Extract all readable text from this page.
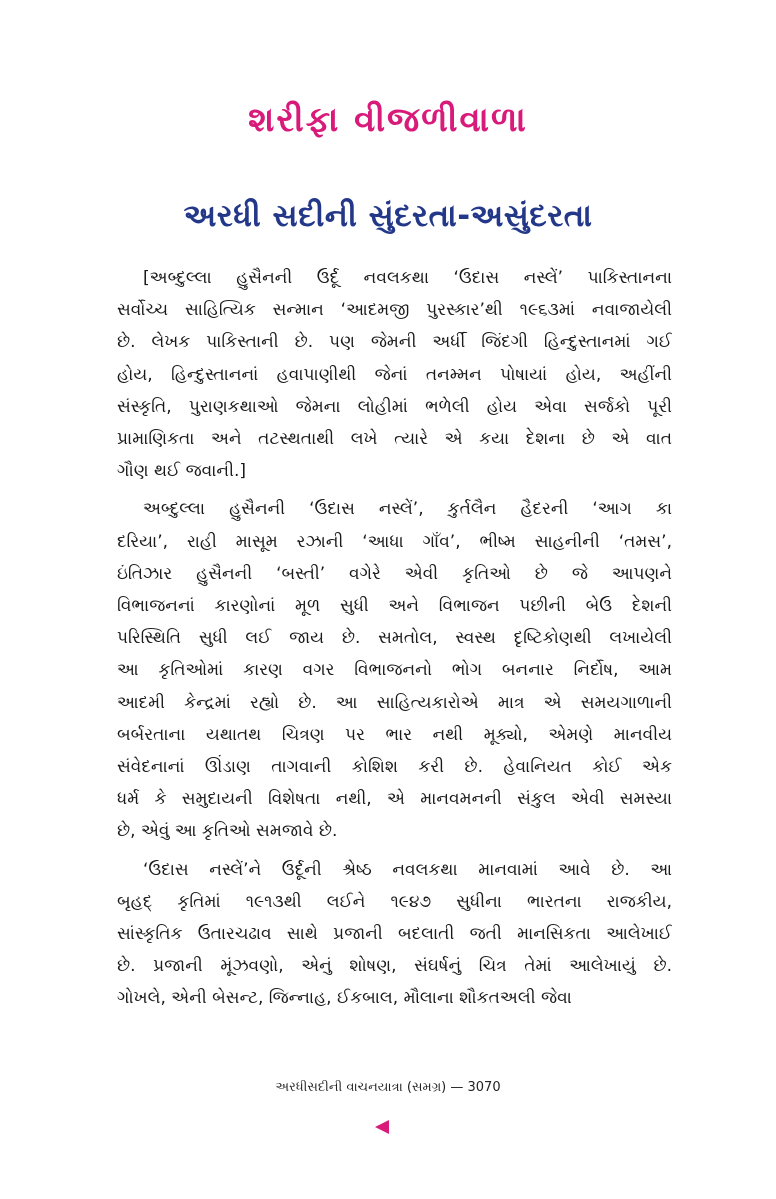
શરીફા વીજળીવાળા
અરધી સદીની સુંદરતા-અસુંદરતા
[અબ્દુલ્લા હુસૈનની ઉર્દૂ નવલકથા ‘ઉદાસ નસ્લેં’ પાકિસ્તાનના
સર્વોચ્ચ સાહિત્યિક સન્માન ‘આદમજી પુરસ્કાર’થી ૧૯૬૩માં નવાજાયેલી
છે. લેખક પાકિસ્તાની છે. પણ જેમની અર્ધી જિંદગી હિન્દુસ્તાનમાં ગઈ
હોય, હિન્દુસ્તાનનાં હવાપાણીથી જેનાં તનમ્મન પોષાયાં હોય, અહીંની
સંસ્કૃતિ, પુરાણકથાઓ જેમના લોહીમાં ભળેલી હોય એવા સર્જકો પૂરી
પ્રામાણિકતા અને તટસ્થતાથી લખે ત્યારે એ કયા દેશના છે એ વાત
ગૌણ થઈ જવાની.]
અબ્દુલ્લા હુસૈનની ‘ઉદાસ નસ્લેં’, કુર્તલૈન હૈદરની ‘આગ કા
દરિયા’, રાહી માસૂમ રઝાની ‘આધા ગાઁવ’, ભીષ્મ સાહનીની ‘તમસ’,
ઇંતિઝાર હુસૈનની ‘બસ્તી’ વગેરે એવી કૃતિઓ છે જે આપણને
વિભાજનનાં કારણોનાં મૂળ સુધી અને વિભાજન પછીની બેઉ દેશની
પરિસ્થિતિ સુધી લઈ જાય છે. સમતોલ, સ્વસ્થ દૃષ્ટિકોણથી લખાયેલી
આ કૃતિઓમાં કારણ વગર વિભાજનનો ભોગ બનનાર નિર્દોષ, આમ
આદમી કેન્દ્રમાં રહ્યો છે. આ સાહિત્યકારોએ માત્ર એ સમયગાળાની
બર્બરતાના યથાતથ ચિત્રણ પર ભાર નથી મૂક્યો, એમણે માનવીય
સંવેદનાનાં ઊંડાણ તાગવાની કોશિશ કરી છે. હેવાનિયત કોઈ એક
ધર્મ કે સમુદાયની વિશેષતા નથી, એ માનવમનની સંકુલ એવી સમસ્યા
છે, એવું આ કૃતિઓ સમજાવે છે.
‘ઉદાસ નસ્લેં’ને ઉર્દૂની શ્રેષ્ઠ નવલકથા માનવામાં આવે છે. આ
બૃહદ્ કૃતિમાં ૧૯૧૩થી લઈને ૧૯૪૭ સુધીના ભારતના રાજકીય,
સાંસ્કૃતિક ઉતારચઢાવ સાથે પ્રજાની બદલાતી જતી માનસિકતા આલેખાઈ
છે. પ્રજાની મૂંઝવણો, એનું શોષણ, સંઘર્ષનું ચિત્ર તેમાં આલેખાયું છે.
ગોખલે, એની બેસન્ટ, જિન્નાહ, ઈકબાલ, મૌલાના શૌકતઅલી જેવા
અરધીસદીની વાચનયાત્રા (સમગ્ર) — 3070
